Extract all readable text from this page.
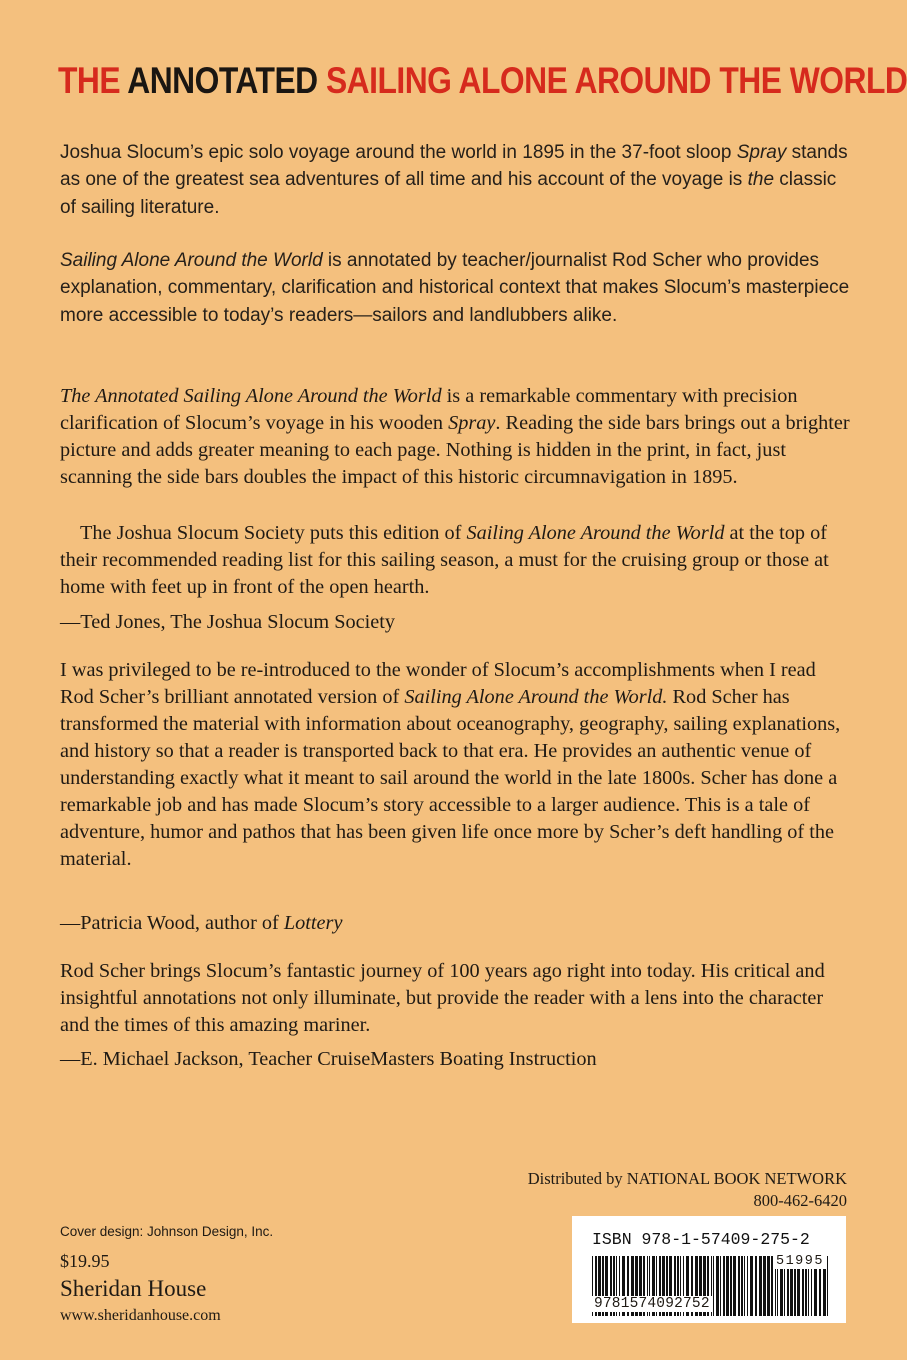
THE ANNOTATED SAILING ALONE AROUND THE WORLD

Joshua Slocum’s epic solo voyage around the world in 1895 in the 37-foot sloop Spray stands as one of the greatest sea adventures of all time and his account of the voyage is the classic of sailing literature.

Sailing Alone Around the World is annotated by teacher/journalist Rod Scher who provides explanation, commentary, clarification and historical context that makes Slocum’s masterpiece more accessible to today’s readers—sailors and landlubbers alike.

The Annotated Sailing Alone Around the World is a remarkable commentary with precision clarification of Slocum’s voyage in his wooden Spray. Reading the side bars brings out a brighter picture and adds greater meaning to each page. Nothing is hidden in the print, in fact, just scanning the side bars doubles the impact of this historic circumnavigation in 1895.

The Joshua Slocum Society puts this edition of Sailing Alone Around the World at the top of their recommended reading list for this sailing season, a must for the cruising group or those at home with feet up in front of the open hearth.

—Ted Jones, The Joshua Slocum Society

I was privileged to be re-introduced to the wonder of Slocum’s accomplishments when I read Rod Scher’s brilliant annotated version of Sailing Alone Around the World. Rod Scher has transformed the material with information about oceanography, geography, sailing explanations, and history so that a reader is transported back to that era. He provides an authentic venue of understanding exactly what it meant to sail around the world in the late 1800s. Scher has done a remarkable job and has made Slocum’s story accessible to a larger audience. This is a tale of adventure, humor and pathos that has been given life once more by Scher’s deft handling of the material.

—Patricia Wood, author of Lottery

Rod Scher brings Slocum’s fantastic journey of 100 years ago right into today. His critical and insightful annotations not only illuminate, but provide the reader with a lens into the character and the times of this amazing mariner.

—E. Michael Jackson, Teacher CruiseMasters Boating Instruction

Distributed by NATIONAL BOOK NETWORK
800-462-6420
Cover design: Johnson Design, Inc.
$19.95
Sheridan House
www.sheridanhouse.com
ISBN 978-1-57409-275-2
51995
9781574092752
